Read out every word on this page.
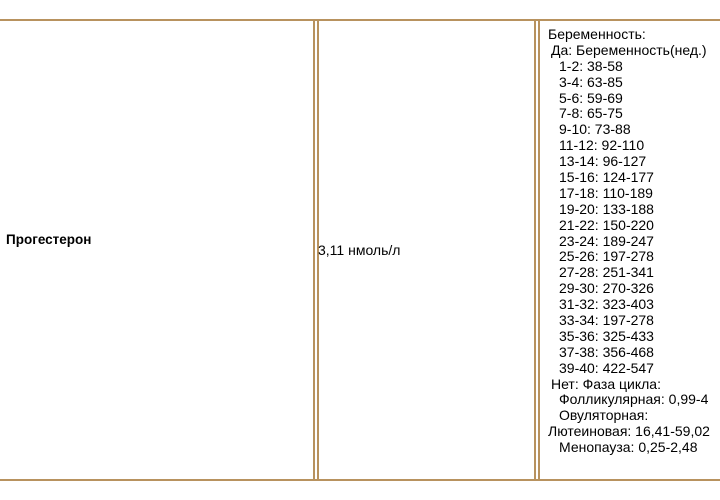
Прогестерон
3,11 нмоль/л
Беременность:
Да: Беременность(нед.)
1-2: 38-58
3-4: 63-85
5-6: 59-69
7-8: 65-75
9-10: 73-88
11-12: 92-110
13-14: 96-127
15-16: 124-177
17-18: 110-189
19-20: 133-188
21-22: 150-220
23-24: 189-247
25-26: 197-278
27-28: 251-341
29-30: 270-326
31-32: 323-403
33-34: 197-278
35-36: 325-433
37-38: 356-468
39-40: 422-547
Нет: Фаза цикла:
Фолликулярная: 0,99-4
Овуляторная:
Лютеиновая: 16,41-59,02
Менопауза: 0,25-2,48
